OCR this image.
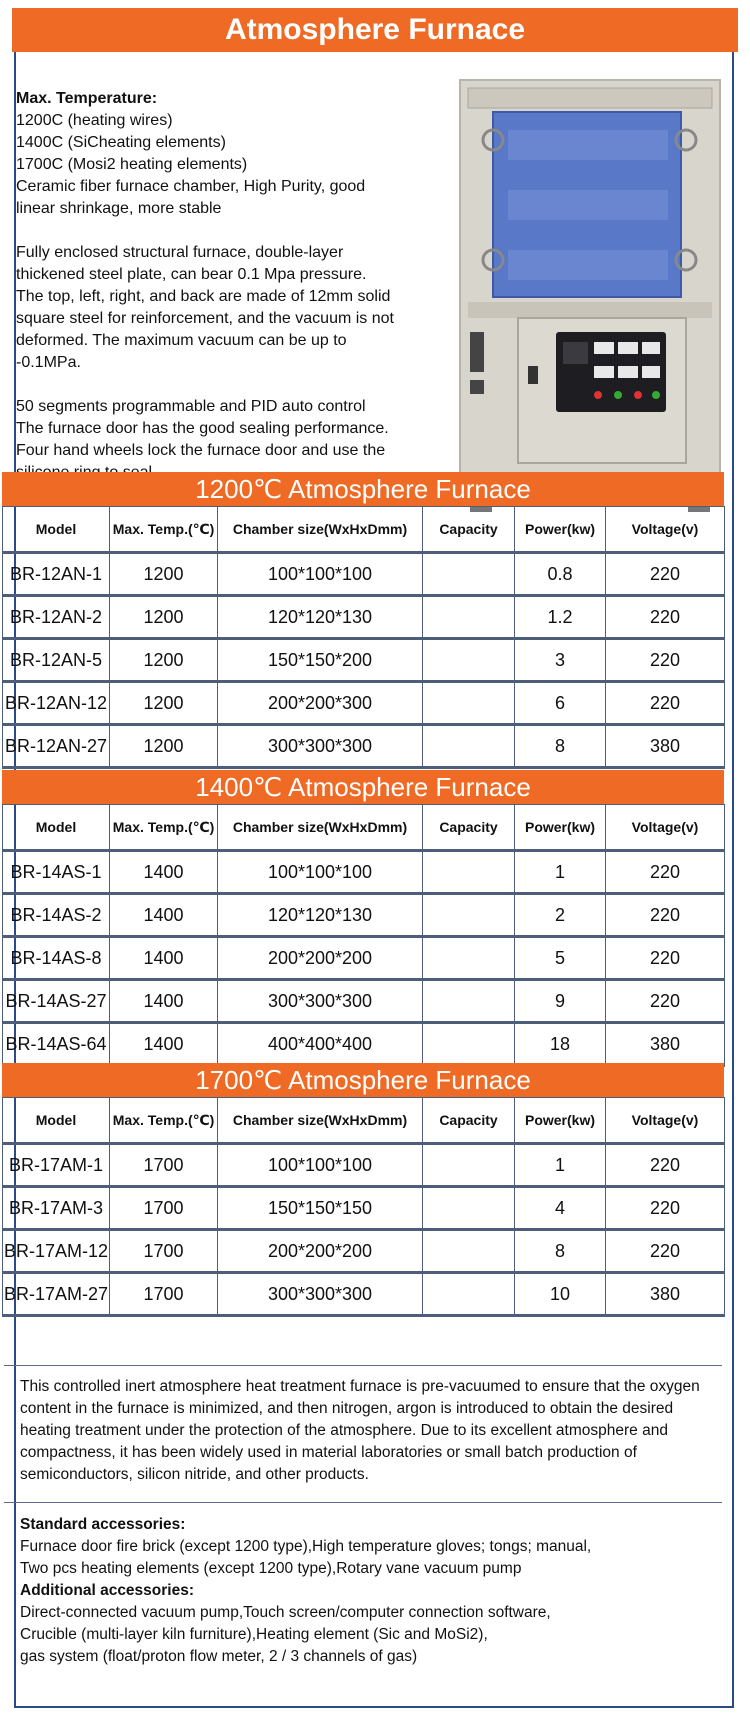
Atmosphere Furnace

Max. Temperature:
1200C (heating wires)
1400C (SiCheating elements)
1700C (Mosi2 heating elements)
Ceramic fiber furnace chamber, High Purity, good
linear shrinkage, more stable

Fully enclosed structural furnace, double-layer
thickened steel plate, can bear 0.1 Mpa pressure.
The top, left, right, and back are made of 12mm solid
square steel for reinforcement, and the vacuum is not
deformed. The maximum vacuum can be up to
-0.1MPa.

50 segments programmable and PID auto control
The furnace door has the good sealing performance.
Four hand wheels lock the furnace door and use the

1200℃ Atmosphere Furnace
Model	Max. Temp.(℃)	Chamber size(WxHxDmm)	Capacity	Power(kw)	Voltage(v)
BR-12AN-1	1200	100*100*100		0.8	220
BR-12AN-2	1200	120*120*130		1.2	220
BR-12AN-5	1200	150*150*200		3	220
BR-12AN-12	1200	200*200*300		6	220
BR-12AN-27	1200	300*300*300		8	380
1400℃ Atmosphere Furnace
Model	Max. Temp.(℃)	Chamber size(WxHxDmm)	Capacity	Power(kw)	Voltage(v)
BR-14AS-1	1400	100*100*100		1	220
BR-14AS-2	1400	120*120*130		2	220
BR-14AS-8	1400	200*200*200		5	220
BR-14AS-27	1400	300*300*300		9	220
BR-14AS-64	1400	400*400*400		18	380
1700℃ Atmosphere Furnace
Model	Max. Temp.(℃)	Chamber size(WxHxDmm)	Capacity	Power(kw)	Voltage(v)
BR-17AM-1	1700	100*100*100		1	220
BR-17AM-3	1700	150*150*150		4	220
BR-17AM-12	1700	200*200*200		8	220
BR-17AM-27	1700	300*300*300		10	380
This controlled inert atmosphere heat treatment furnace is pre-vacuumed to ensure that the oxygen content in the furnace is minimized, and then nitrogen, argon is introduced to obtain the desired heating treatment under the protection of the atmosphere. Due to its excellent atmosphere and compactness, it has been widely used in material laboratories or small batch production of semiconductors, silicon nitride, and other products.
Standard accessories:
Furnace door fire brick (except 1200 type),High temperature gloves; tongs; manual,
Two pcs heating elements (except 1200 type),Rotary vane vacuum pump
Additional accessories:
Direct-connected vacuum pump,Touch screen/computer connection software,
Crucible (multi-layer kiln furniture),Heating element (Sic and MoSi2),
gas system (float/proton flow meter, 2 / 3 channels of gas)
